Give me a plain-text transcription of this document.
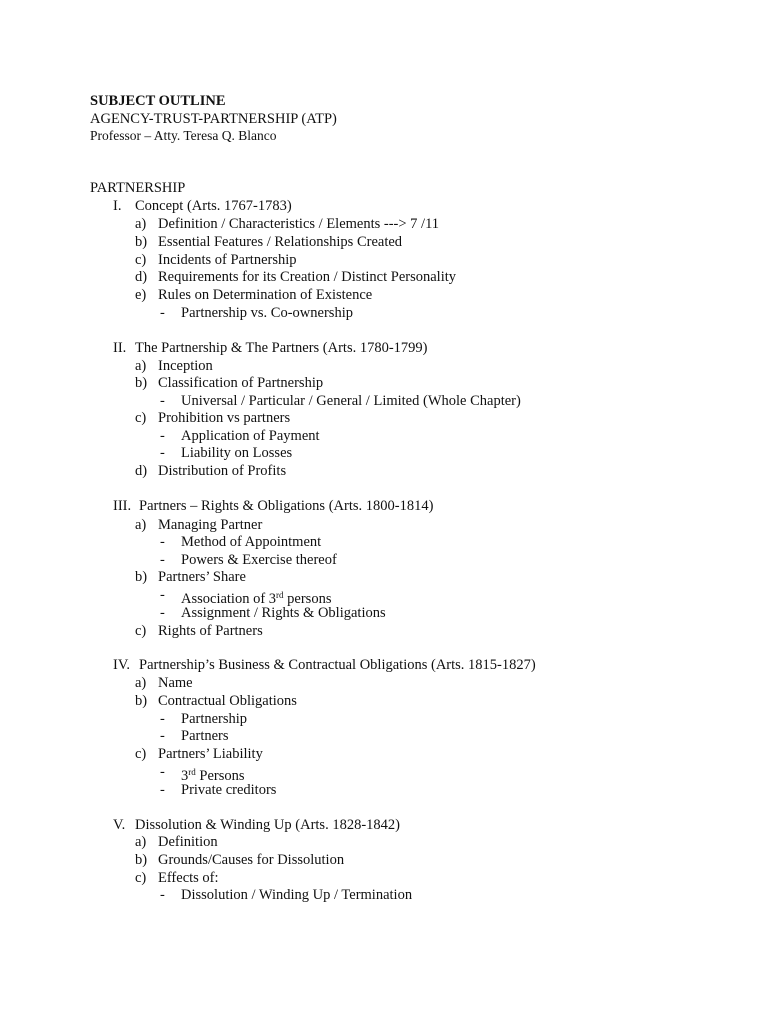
SUBJECT OUTLINE
AGENCY-TRUST-PARTNERSHIP (ATP)
Professor – Atty. Teresa Q. Blanco
PARTNERSHIP
I. Concept (Arts. 1767-1783)
a) Definition / Characteristics / Elements ---> 7 /11
b) Essential Features / Relationships Created
c) Incidents of Partnership
d) Requirements for its Creation / Distinct Personality
e) Rules on Determination of Existence
- Partnership vs. Co-ownership
II. The Partnership & The Partners (Arts. 1780-1799)
a) Inception
b) Classification of Partnership
- Universal / Particular / General / Limited (Whole Chapter)
c) Prohibition vs partners
- Application of Payment
- Liability on Losses
d) Distribution of Profits
III. Partners – Rights & Obligations (Arts. 1800-1814)
a) Managing Partner
- Method of Appointment
- Powers & Exercise thereof
b) Partners’ Share
- Association of 3rd persons
- Assignment / Rights & Obligations
c) Rights of Partners
IV. Partnership’s Business & Contractual Obligations (Arts. 1815-1827)
a) Name
b) Contractual Obligations
- Partnership
- Partners
c) Partners’ Liability
- 3rd Persons
- Private creditors
V. Dissolution & Winding Up (Arts. 1828-1842)
a) Definition
b) Grounds/Causes for Dissolution
c) Effects of:
- Dissolution / Winding Up / Termination
